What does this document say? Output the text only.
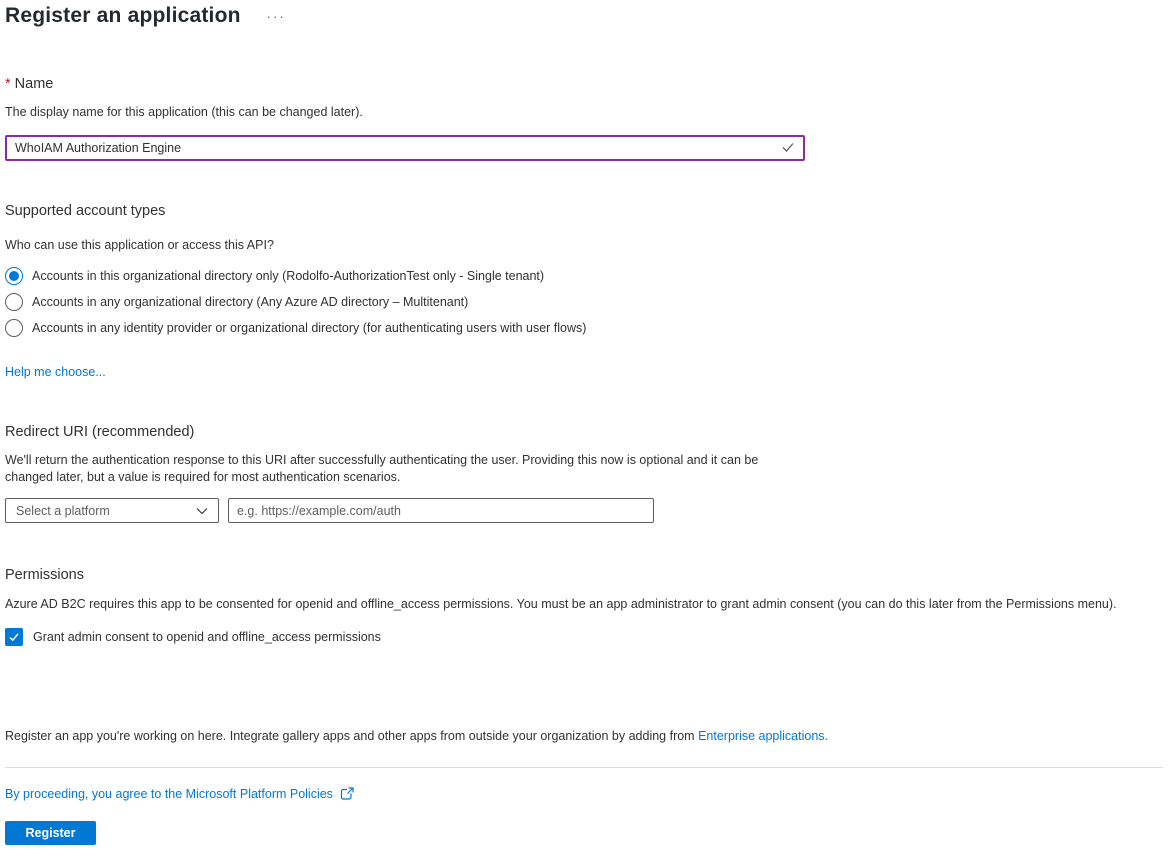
Register an application ···
* Name

The display name for this application (this can be changed later).

WhoIAM Authorization Engine
Supported account types

Who can use this application or access this API?

Accounts in this organizational directory only (Rodolfo-AuthorizationTest only - Single tenant)
Accounts in any organizational directory (Any Azure AD directory – Multitenant)
Accounts in any identity provider or organizational directory (for authenticating users with user flows)
Help me choose...
Redirect URI (recommended)

We'll return the authentication response to this URI after successfully authenticating the user. Providing this now is optional and it can be changed later, but a value is required for most authentication scenarios.

Select a platform
e.g. https://example.com/auth
Permissions

Azure AD B2C requires this app to be consented for openid and offline_access permissions. You must be an app administrator to grant admin consent (you can do this later from the Permissions menu).

Grant admin consent to openid and offline_access permissions

Register an app you're working on here. Integrate gallery apps and other apps from outside your organization by adding from Enterprise applications.

By proceeding, you agree to the Microsoft Platform Policies
Register
